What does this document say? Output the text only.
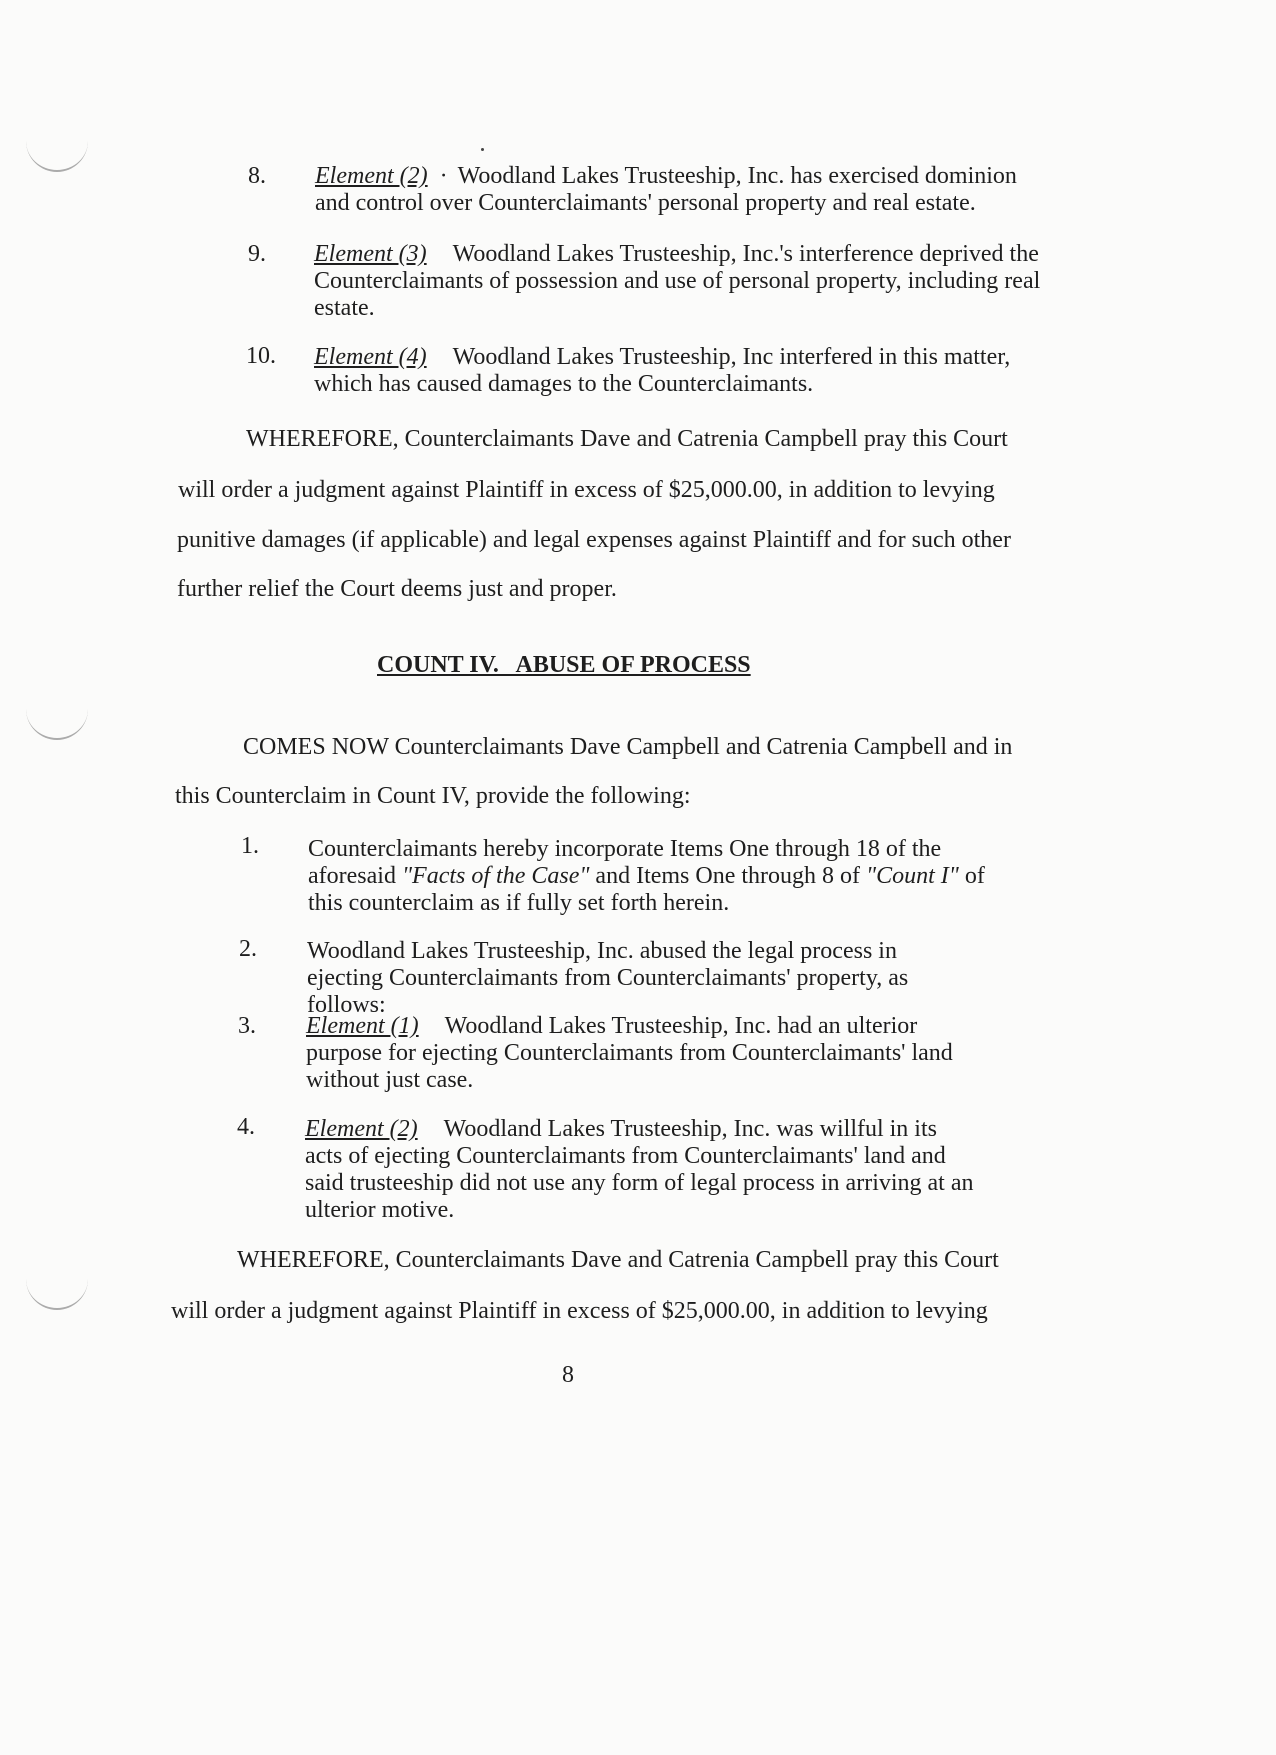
8. Element (2) · Woodland Lakes Trusteeship, Inc. has exercised dominion and control over Counterclaimants' personal property and real estate.
9. Element (3) Woodland Lakes Trusteeship, Inc.'s interference deprived the Counterclaimants of possession and use of personal property, including real estate.
10. Element (4) Woodland Lakes Trusteeship, Inc interfered in this matter, which has caused damages to the Counterclaimants.
WHEREFORE, Counterclaimants Dave and Catrenia Campbell pray this Court
will order a judgment against Plaintiff in excess of $25,000.00, in addition to levying
punitive damages (if applicable) and legal expenses against Plaintiff and for such other
further relief the Court deems just and proper.
COUNT IV.   ABUSE OF PROCESS
COMES NOW Counterclaimants Dave Campbell and Catrenia Campbell and in
this Counterclaim in Count IV, provide the following:
1. Counterclaimants hereby incorporate Items One through 18 of the aforesaid "Facts of the Case" and Items One through 8 of "Count I" of this counterclaim as if fully set forth herein.
2. Woodland Lakes Trusteeship, Inc. abused the legal process in ejecting Counterclaimants from Counterclaimants' property, as follows:
3. Element (1) Woodland Lakes Trusteeship, Inc. had an ulterior purpose for ejecting Counterclaimants from Counterclaimants' land without just case.
4. Element (2) Woodland Lakes Trusteeship, Inc. was willful in its acts of ejecting Counterclaimants from Counterclaimants' land and said trusteeship did not use any form of legal process in arriving at an ulterior motive.
WHEREFORE, Counterclaimants Dave and Catrenia Campbell pray this Court
will order a judgment against Plaintiff in excess of $25,000.00, in addition to levying
8
